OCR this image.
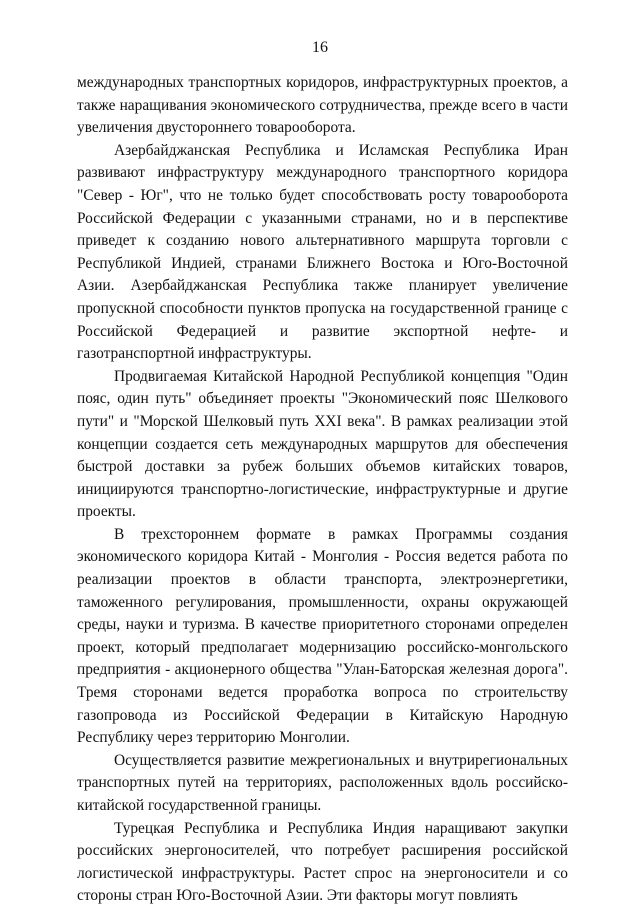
16

международных транспортных коридоров, инфраструктурных проектов, а также наращивания экономического сотрудничества, прежде всего в части увеличения двустороннего товарооборота.

Азербайджанская Республика и Исламская Республика Иран развивают инфраструктуру международного транспортного коридора "Север - Юг", что не только будет способствовать росту товарооборота Российской Федерации с указанными странами, но и в перспективе приведет к созданию нового альтернативного маршрута торговли с Республикой Индией, странами Ближнего Востока и Юго-Восточной Азии. Азербайджанская Республика также планирует увеличение пропускной способности пунктов пропуска на государственной границе с Российской Федерацией и развитие экспортной нефте- и газотранспортной инфраструктуры.

Продвигаемая Китайской Народной Республикой концепция "Один пояс, один путь" объединяет проекты "Экономический пояс Шелкового пути" и "Морской Шелковый путь XXI века". В рамках реализации этой концепции создается сеть международных маршрутов для обеспечения быстрой доставки за рубеж больших объемов китайских товаров, инициируются транспортно-логистические, инфраструктурные и другие проекты.

В трехстороннем формате в рамках Программы создания экономического коридора Китай - Монголия - Россия ведется работа по реализации проектов в области транспорта, электроэнергетики, таможенного регулирования, промышленности, охраны окружающей среды, науки и туризма. В качестве приоритетного сторонами определен проект, который предполагает модернизацию российско-монгольского предприятия - акционерного общества "Улан-Баторская железная дорога". Тремя сторонами ведется проработка вопроса по строительству газопровода из Российской Федерации в Китайскую Народную Республику через территорию Монголии.

Осуществляется развитие межрегиональных и внутрирегиональных транспортных путей на территориях, расположенных вдоль российско-китайской государственной границы.

Турецкая Республика и Республика Индия наращивают закупки российских энергоносителей, что потребует расширения российской логистической инфраструктуры. Растет спрос на энергоносители и со стороны стран Юго-Восточной Азии. Эти факторы могут повлиять
